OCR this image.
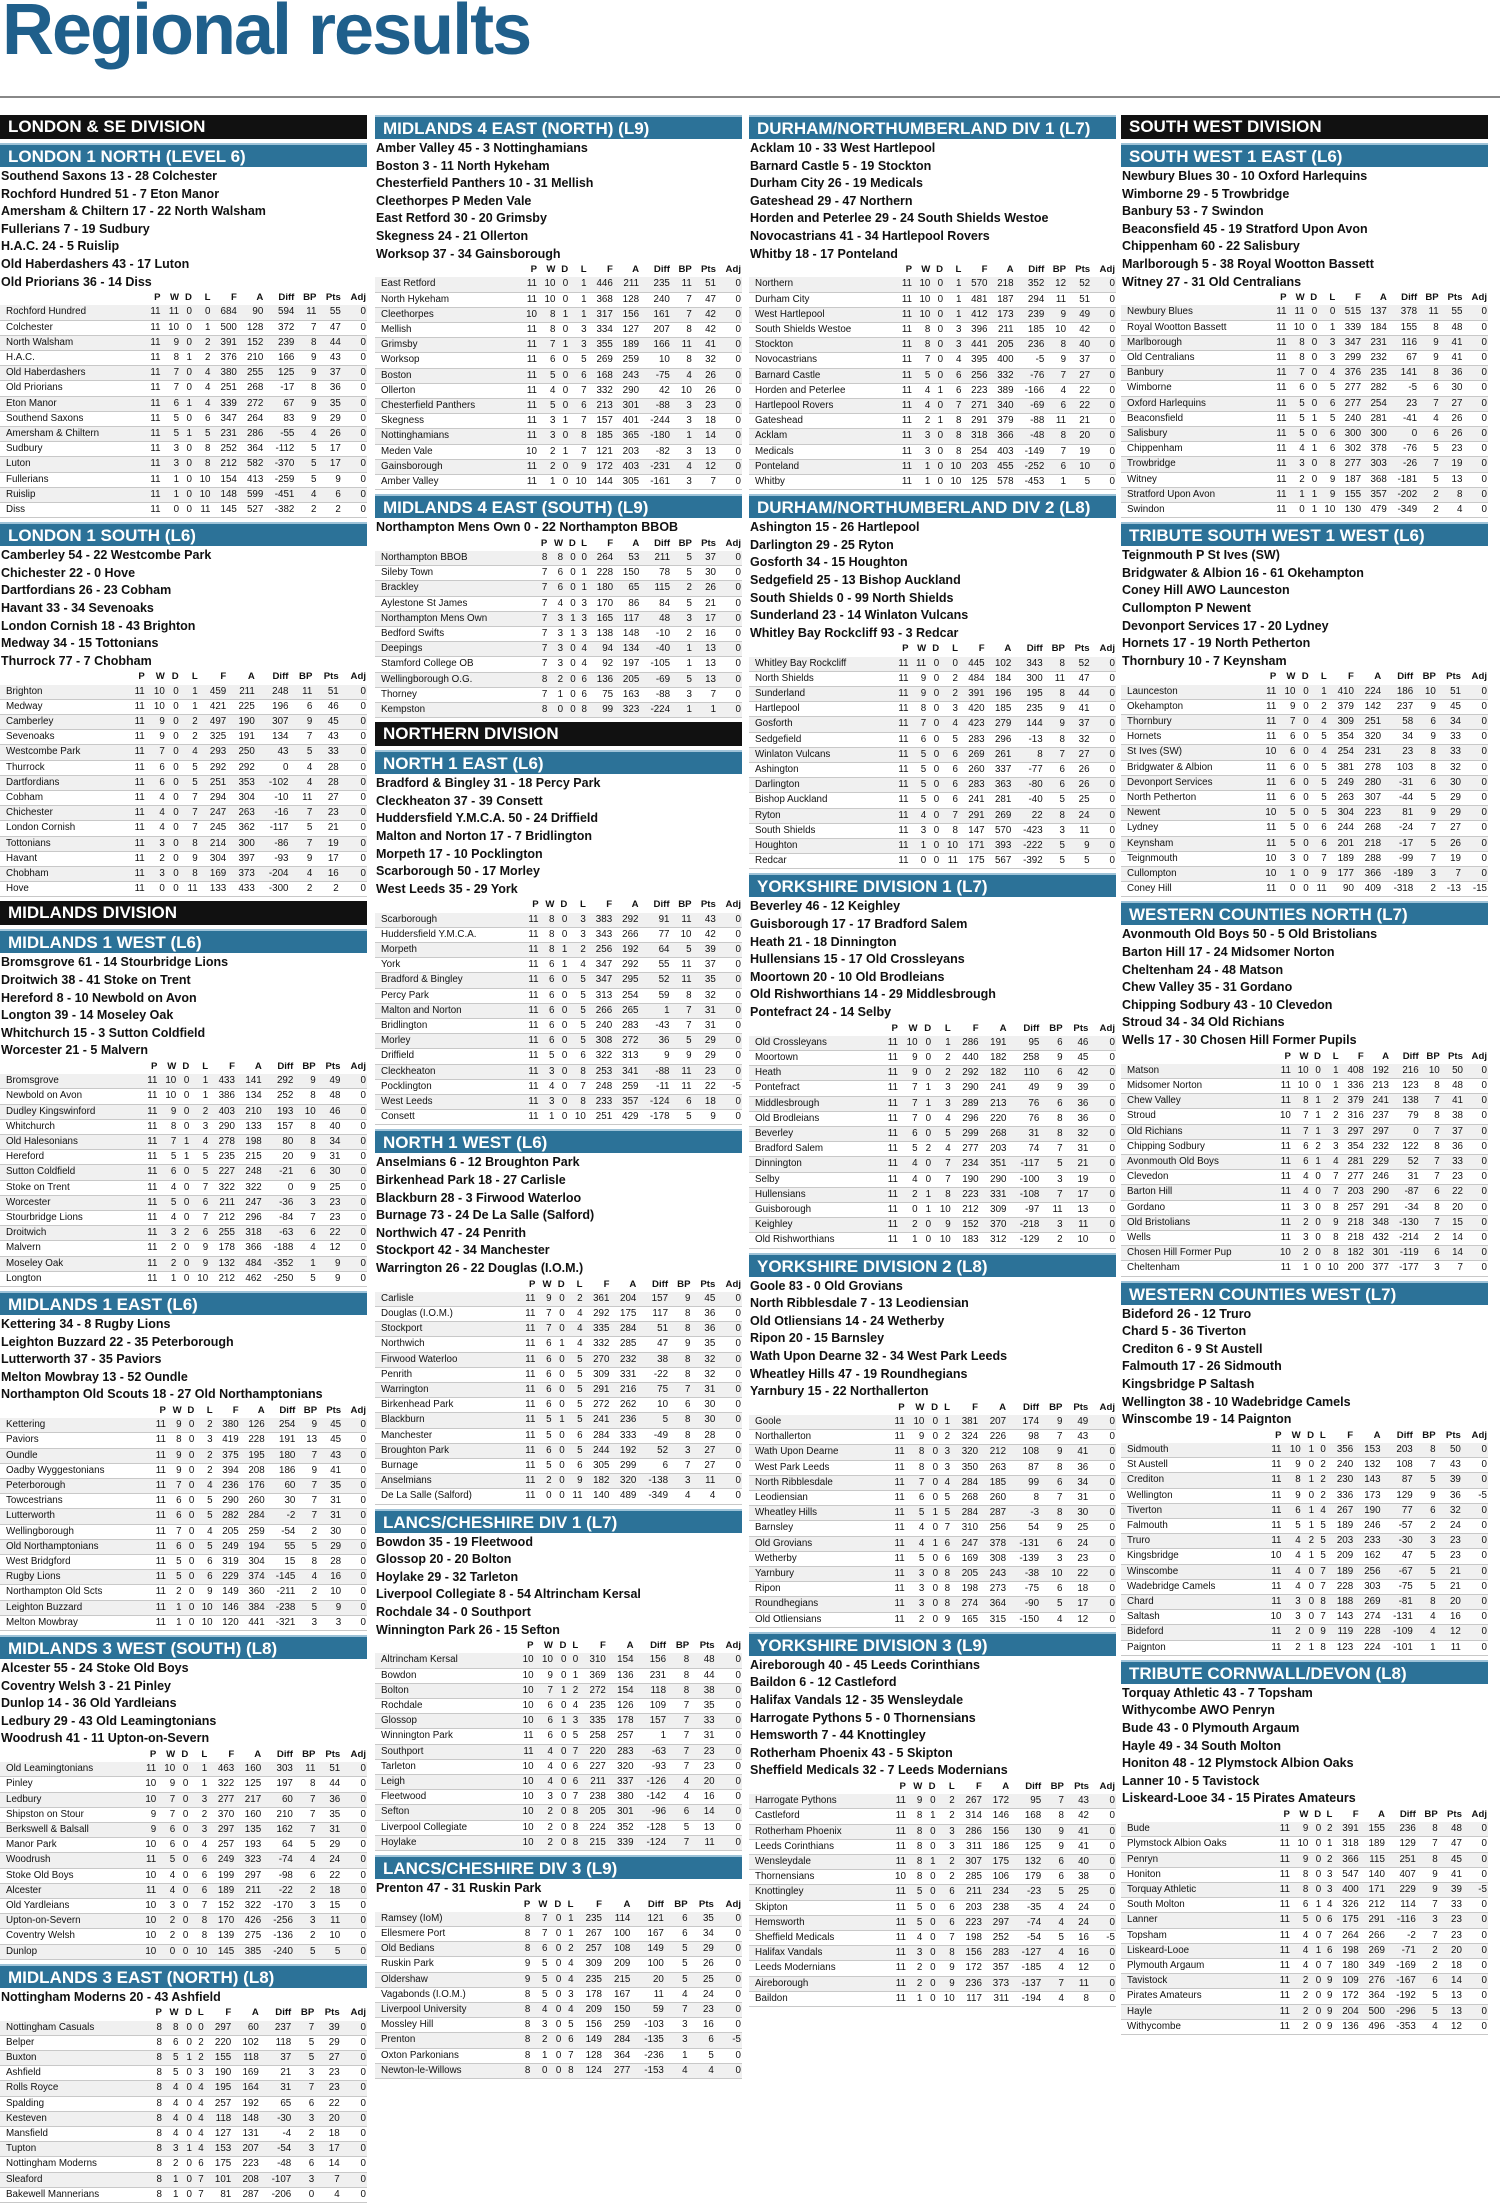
Regional results
LONDON & SE DIVISION
LONDON 1 NORTH (LEVEL 6)
Southend Saxons 13 - 28 Colchester
Rochford Hundred 51 - 7 Eton Manor
Amersham & Chiltern 17 - 22 North Walsham
Fullerians 7 - 19 Sudbury
H.A.C. 24 - 5 Ruislip
Old Haberdashers 43 - 17 Luton
Old Priorians 36 - 14 Diss
	P	W	D	L	F	A	Diff	BP	Pts	Adj
Rochford Hundred	11	11	0	0	684	90	594	11	55	0
Colchester	11	10	0	1	500	128	372	7	47	0
North Walsham	11	9	0	2	391	152	239	8	44	0
H.A.C.	11	8	1	2	376	210	166	9	43	0
Old Haberdashers	11	7	0	4	380	255	125	9	37	0
Old Priorians	11	7	0	4	251	268	-17	8	36	0
Eton Manor	11	6	1	4	339	272	67	9	35	0
Southend Saxons	11	5	0	6	347	264	83	9	29	0
Amersham & Chiltern	11	5	1	5	231	286	-55	4	26	0
Sudbury	11	3	0	8	252	364	-112	5	17	0
Luton	11	3	0	8	212	582	-370	5	17	0
Fullerians	11	1	0	10	154	413	-259	5	9	0
Ruislip	11	1	0	10	148	599	-451	4	6	0
Diss	11	0	0	11	145	527	-382	2	2	0
LONDON 1 SOUTH (L6)
Camberley 54 - 22 Westcombe Park
Chichester 22 - 0 Hove
Dartfordians 26 - 23 Cobham
Havant 33 - 34 Sevenoaks
London Cornish 18 - 43 Brighton
Medway 34 - 15 Tottonians
Thurrock 77 - 7 Chobham
	P	W	D	L	F	A	Diff	BP	Pts	Adj
Brighton	11	10	0	1	459	211	248	11	51	0
Medway	11	10	0	1	421	225	196	6	46	0
Camberley	11	9	0	2	497	190	307	9	45	0
Sevenoaks	11	9	0	2	325	191	134	7	43	0
Westcombe Park	11	7	0	4	293	250	43	5	33	0
Thurrock	11	6	0	5	292	292	0	4	28	0
Dartfordians	11	6	0	5	251	353	-102	4	28	0
Cobham	11	4	0	7	294	304	-10	11	27	0
Chichester	11	4	0	7	247	263	-16	7	23	0
London Cornish	11	4	0	7	245	362	-117	5	21	0
Tottonians	11	3	0	8	214	300	-86	7	19	0
Havant	11	2	0	9	304	397	-93	9	17	0
Chobham	11	3	0	8	169	373	-204	4	16	0
Hove	11	0	0	11	133	433	-300	2	2	0
MIDLANDS DIVISION
MIDLANDS 1 WEST (L6)
Bromsgrove 61 - 14 Stourbridge Lions
Droitwich 38 - 41 Stoke on Trent
Hereford 8 - 10 Newbold on Avon
Longton 39 - 14 Moseley Oak
Whitchurch 15 - 3 Sutton Coldfield
Worcester 21 - 5 Malvern
	P	W	D	L	F	A	Diff	BP	Pts	Adj
Bromsgrove	11	10	0	1	433	141	292	9	49	0
Newbold on Avon	11	10	0	1	386	134	252	8	48	0
Dudley Kingswinford	11	9	0	2	403	210	193	10	46	0
Whitchurch	11	8	0	3	290	133	157	8	40	0
Old Halesonians	11	7	1	4	278	198	80	8	34	0
Hereford	11	5	1	5	235	215	20	9	31	0
Sutton Coldfield	11	6	0	5	227	248	-21	6	30	0
Stoke on Trent	11	4	0	7	322	322	0	9	25	0
Worcester	11	5	0	6	211	247	-36	3	23	0
Stourbridge Lions	11	4	0	7	212	296	-84	7	23	0
Droitwich	11	3	2	6	255	318	-63	6	22	0
Malvern	11	2	0	9	178	366	-188	4	12	0
Moseley Oak	11	2	0	9	132	484	-352	1	9	0
Longton	11	1	0	10	212	462	-250	5	9	0
MIDLANDS 1 EAST (L6)
Kettering 34 - 8 Rugby Lions
Leighton Buzzard 22 - 35 Peterborough
Lutterworth 37 - 35 Paviors
Melton Mowbray 13 - 52 Oundle
Northampton Old Scouts 18 - 27 Old Northamptonians
	P	W	D	L	F	A	Diff	BP	Pts	Adj
Kettering	11	9	0	2	380	126	254	9	45	0
Paviors	11	8	0	3	419	228	191	13	45	0
Oundle	11	9	0	2	375	195	180	7	43	0
Oadby Wyggestonians	11	9	0	2	394	208	186	9	41	0
Peterborough	11	7	0	4	236	176	60	7	35	0
Towcestrians	11	6	0	5	290	260	30	7	31	0
Lutterworth	11	6	0	5	282	284	-2	7	31	0
Wellingborough	11	7	0	4	205	259	-54	2	30	0
Old Northamptonians	11	6	0	5	249	194	55	5	29	0
West Bridgford	11	5	0	6	319	304	15	8	28	0
Rugby Lions	11	5	0	6	229	374	-145	4	16	0
Northampton Old Scts	11	2	0	9	149	360	-211	2	10	0
Leighton Buzzard	11	1	0	10	146	384	-238	5	9	0
Melton Mowbray	11	1	0	10	120	441	-321	3	3	0
MIDLANDS 3 WEST (SOUTH) (L8)
Alcester 55 - 24 Stoke Old Boys
Coventry Welsh 3 - 21 Pinley
Dunlop 14 - 36 Old Yardleians
Ledbury 29 - 43 Old Leamingtonians
Woodrush 41 - 11 Upton-on-Severn
	P	W	D	L	F	A	Diff	BP	Pts	Adj
Old Leamingtonians	11	10	0	1	463	160	303	11	51	0
Pinley	10	9	0	1	322	125	197	8	44	0
Ledbury	10	7	0	3	277	217	60	7	36	0
Shipston on Stour	9	7	0	2	370	160	210	7	35	0
Berkswell & Balsall	9	6	0	3	297	135	162	7	31	0
Manor Park	10	6	0	4	257	193	64	5	29	0
Woodrush	11	5	0	6	249	323	-74	4	24	0
Stoke Old Boys	10	4	0	6	199	297	-98	6	22	0
Alcester	11	4	0	6	189	211	-22	2	18	0
Old Yardleians	10	3	0	7	152	322	-170	3	15	0
Upton-on-Severn	10	2	0	8	170	426	-256	3	11	0
Coventry Welsh	10	2	0	8	139	275	-136	2	10	0
Dunlop	10	0	0	10	145	385	-240	5	5	0
MIDLANDS 3 EAST (NORTH) (L8)
Nottingham Moderns 20 - 43 Ashfield
	P	W	D	L	F	A	Diff	BP	Pts	Adj
Nottingham Casuals	8	8	0	0	297	60	237	7	39	0
Belper	8	6	0	2	220	102	118	5	29	0
Buxton	8	5	1	2	155	118	37	5	27	0
Ashfield	8	5	0	3	190	169	21	3	23	0
Rolls Royce	8	4	0	4	195	164	31	7	23	0
Spalding	8	4	0	4	257	192	65	6	22	0
Kesteven	8	4	0	4	118	148	-30	3	20	0
Mansfield	8	4	0	4	127	131	-4	2	18	0
Tupton	8	3	1	4	153	207	-54	3	17	0
Nottingham Moderns	8	2	0	6	175	223	-48	6	14	0
Sleaford	8	1	0	7	101	208	-107	3	7	0
Bakewell Mannerians	8	1	0	7	81	287	-206	0	4	0
MIDLANDS 4 EAST (NORTH) (L9)
Amber Valley 45 - 3 Nottinghamians
Boston 3 - 11 North Hykeham
Chesterfield Panthers 10 - 31 Mellish
Cleethorpes P Meden Vale
East Retford 30 - 20 Grimsby
Skegness 24 - 21 Ollerton
Worksop 37 - 34 Gainsborough
	P	W	D	L	F	A	Diff	BP	Pts	Adj
East Retford	11	10	0	1	446	211	235	11	51	0
North Hykeham	11	10	0	1	368	128	240	7	47	0
Cleethorpes	10	8	1	1	317	156	161	7	42	0
Mellish	11	8	0	3	334	127	207	8	42	0
Grimsby	11	7	1	3	355	189	166	11	41	0
Worksop	11	6	0	5	269	259	10	8	32	0
Boston	11	5	0	6	168	243	-75	4	26	0
Ollerton	11	4	0	7	332	290	42	10	26	0
Chesterfield Panthers	11	5	0	6	213	301	-88	3	23	0
Skegness	11	3	1	7	157	401	-244	3	18	0
Nottinghamians	11	3	0	8	185	365	-180	1	14	0
Meden Vale	10	2	1	7	121	203	-82	3	13	0
Gainsborough	11	2	0	9	172	403	-231	4	12	0
Amber Valley	11	1	0	10	144	305	-161	3	7	0
MIDLANDS 4 EAST (SOUTH) (L9)
Northampton Mens Own 0 - 22 Northampton BBOB
	P	W	D	L	F	A	Diff	BP	Pts	Adj
Northampton BBOB	8	8	0	0	264	53	211	5	37	0
Sileby Town	7	6	0	1	228	150	78	5	30	0
Brackley	7	6	0	1	180	65	115	2	26	0
Aylestone St James	7	4	0	3	170	86	84	5	21	0
Northampton Mens Own	7	3	1	3	165	117	48	3	17	0
Bedford Swifts	7	3	1	3	138	148	-10	2	16	0
Deepings	7	3	0	4	94	134	-40	1	13	0
Stamford College OB	7	3	0	4	92	197	-105	1	13	0
Wellingborough O.G.	8	2	0	6	136	205	-69	5	13	0
Thorney	7	1	0	6	75	163	-88	3	7	0
Kempston	8	0	0	8	99	323	-224	1	1	0
NORTHERN DIVISION
NORTH 1 EAST (L6)
Bradford & Bingley 31 - 18 Percy Park
Cleckheaton 37 - 39 Consett
Huddersfield Y.M.C.A. 50 - 24 Driffield
Malton and Norton 17 - 7 Bridlington
Morpeth 17 - 10 Pocklington
Scarborough 50 - 17 Morley
West Leeds 35 - 29 York
	P	W	D	L	F	A	Diff	BP	Pts	Adj
Scarborough	11	8	0	3	383	292	91	11	43	0
Huddersfield Y.M.C.A.	11	8	0	3	343	266	77	10	42	0
Morpeth	11	8	1	2	256	192	64	5	39	0
York	11	6	1	4	347	292	55	11	37	0
Bradford & Bingley	11	6	0	5	347	295	52	11	35	0
Percy Park	11	6	0	5	313	254	59	8	32	0
Malton and Norton	11	6	0	5	266	265	1	7	31	0
Bridlington	11	6	0	5	240	283	-43	7	31	0
Morley	11	6	0	5	308	272	36	5	29	0
Driffield	11	5	0	6	322	313	9	9	29	0
Cleckheaton	11	3	0	8	253	341	-88	11	23	0
Pocklington	11	4	0	7	248	259	-11	11	22	-5
West Leeds	11	3	0	8	233	357	-124	6	18	0
Consett	11	1	0	10	251	429	-178	5	9	0
NORTH 1 WEST (L6)
Anselmians 6 - 12 Broughton Park
Birkenhead Park 18 - 27 Carlisle
Blackburn 28 - 3 Firwood Waterloo
Burnage 73 - 24 De La Salle (Salford)
Northwich 47 - 24 Penrith
Stockport 42 - 34 Manchester
Warrington 26 - 22 Douglas (I.O.M.)
	P	W	D	L	F	A	Diff	BP	Pts	Adj
Carlisle	11	9	0	2	361	204	157	9	45	0
Douglas (I.O.M.)	11	7	0	4	292	175	117	8	36	0
Stockport	11	7	0	4	335	284	51	8	36	0
Northwich	11	6	1	4	332	285	47	9	35	0
Firwood Waterloo	11	6	0	5	270	232	38	8	32	0
Penrith	11	6	0	5	309	331	-22	8	32	0
Warrington	11	6	0	5	291	216	75	7	31	0
Birkenhead Park	11	6	0	5	272	262	10	6	30	0
Blackburn	11	5	1	5	241	236	5	8	30	0
Manchester	11	5	0	6	284	333	-49	8	28	0
Broughton Park	11	6	0	5	244	192	52	3	27	0
Burnage	11	5	0	6	305	299	6	7	27	0
Anselmians	11	2	0	9	182	320	-138	3	11	0
De La Salle (Salford)	11	0	0	11	140	489	-349	4	4	0
LANCS/CHESHIRE DIV 1 (L7)
Bowdon 35 - 19 Fleetwood
Glossop 20 - 20 Bolton
Hoylake 29 - 32 Tarleton
Liverpool Collegiate 8 - 54 Altrincham Kersal
Rochdale 34 - 0 Southport
Winnington Park 26 - 15 Sefton
	P	W	D	L	F	A	Diff	BP	Pts	Adj
Altrincham Kersal	10	10	0	0	310	154	156	8	48	0
Bowdon	10	9	0	1	369	136	231	8	44	0
Bolton	10	7	1	2	272	154	118	8	38	0
Rochdale	10	6	0	4	235	126	109	7	35	0
Glossop	10	6	1	3	335	178	157	7	33	0
Winnington Park	11	6	0	5	258	257	1	7	31	0
Southport	11	4	0	7	220	283	-63	7	23	0
Tarleton	10	4	0	6	227	320	-93	7	23	0
Leigh	10	4	0	6	211	337	-126	4	20	0
Fleetwood	10	3	0	7	238	380	-142	4	16	0
Sefton	10	2	0	8	205	301	-96	6	14	0
Liverpool Collegiate	10	2	0	8	224	352	-128	5	13	0
Hoylake	10	2	0	8	215	339	-124	7	11	0
LANCS/CHESHIRE DIV 3 (L9)
Prenton 47 - 31 Ruskin Park
	P	W	D	L	F	A	Diff	BP	Pts	Adj
Ramsey (IoM)	8	7	0	1	235	114	121	6	35	0
Ellesmere Port	8	7	0	1	267	100	167	6	34	0
Old Bedians	8	6	0	2	257	108	149	5	29	0
Ruskin Park	9	5	0	4	309	209	100	5	26	0
Oldershaw	9	5	0	4	235	215	20	5	25	0
Vagabonds (I.O.M.)	8	5	0	3	178	167	11	4	24	0
Liverpool University	8	4	0	4	209	150	59	7	23	0
Mossley Hill	8	3	0	5	156	259	-103	3	16	0
Prenton	8	2	0	6	149	284	-135	3	6	-5
Oxton Parkonians	8	1	0	7	128	364	-236	1	5	0
Newton-le-Willows	8	0	0	8	124	277	-153	4	4	0
DURHAM/NORTHUMBERLAND DIV 1 (L7)
Acklam 10 - 33 West Hartlepool
Barnard Castle 5 - 19 Stockton
Durham City 26 - 19 Medicals
Gateshead 29 - 47 Northern
Horden and Peterlee 29 - 24 South Shields Westoe
Novocastrians 41 - 34 Hartlepool Rovers
Whitby 18 - 17 Ponteland
	P	W	D	L	F	A	Diff	BP	Pts	Adj
Northern	11	10	0	1	570	218	352	12	52	0
Durham City	11	10	0	1	481	187	294	11	51	0
West Hartlepool	11	10	0	1	412	173	239	9	49	0
South Shields Westoe	11	8	0	3	396	211	185	10	42	0
Stockton	11	8	0	3	441	205	236	8	40	0
Novocastrians	11	7	0	4	395	400	-5	9	37	0
Barnard Castle	11	5	0	6	256	332	-76	7	27	0
Horden and Peterlee	11	4	1	6	223	389	-166	4	22	0
Hartlepool Rovers	11	4	0	7	271	340	-69	6	22	0
Gateshead	11	2	1	8	291	379	-88	11	21	0
Acklam	11	3	0	8	318	366	-48	8	20	0
Medicals	11	3	0	8	254	403	-149	7	19	0
Ponteland	11	1	0	10	203	455	-252	6	10	0
Whitby	11	1	0	10	125	578	-453	1	5	0
DURHAM/NORTHUMBERLAND DIV 2 (L8)
Ashington 15 - 26 Hartlepool
Darlington 29 - 25 Ryton
Gosforth 34 - 15 Houghton
Sedgefield 25 - 13 Bishop Auckland
South Shields 0 - 99 North Shields
Sunderland 23 - 14 Winlaton Vulcans
Whitley Bay Rockcliff 93 - 3 Redcar
	P	W	D	L	F	A	Diff	BP	Pts	Adj
Whitley Bay Rockcliff	11	11	0	0	445	102	343	8	52	0
North Shields	11	9	0	2	484	184	300	11	47	0
Sunderland	11	9	0	2	391	196	195	8	44	0
Hartlepool	11	8	0	3	420	185	235	9	41	0
Gosforth	11	7	0	4	423	279	144	9	37	0
Sedgefield	11	6	0	5	283	296	-13	8	32	0
Winlaton Vulcans	11	5	0	6	269	261	8	7	27	0
Ashington	11	5	0	6	260	337	-77	6	26	0
Darlington	11	5	0	6	283	363	-80	6	26	0
Bishop Auckland	11	5	0	6	241	281	-40	5	25	0
Ryton	11	4	0	7	291	269	22	8	24	0
South Shields	11	3	0	8	147	570	-423	3	11	0
Houghton	11	1	0	10	171	393	-222	5	9	0
Redcar	11	0	0	11	175	567	-392	5	5	0
YORKSHIRE DIVISION 1 (L7)
Beverley 46 - 12 Keighley
Guisborough 17 - 17 Bradford Salem
Heath 21 - 18 Dinnington
Hullensians 15 - 17 Old Crossleyans
Moortown 20 - 10 Old Brodleians
Old Rishworthians 14 - 29 Middlesbrough
Pontefract 24 - 14 Selby
	P	W	D	L	F	A	Diff	BP	Pts	Adj
Old Crossleyans	11	10	0	1	286	191	95	6	46	0
Moortown	11	9	0	2	440	182	258	9	45	0
Heath	11	9	0	2	292	182	110	6	42	0
Pontefract	11	7	1	3	290	241	49	9	39	0
Middlesbrough	11	7	1	3	289	213	76	6	36	0
Old Brodleians	11	7	0	4	296	220	76	8	36	0
Beverley	11	6	0	5	299	268	31	8	32	0
Bradford Salem	11	5	2	4	277	203	74	7	31	0
Dinnington	11	4	0	7	234	351	-117	5	21	0
Selby	11	4	0	7	190	290	-100	3	19	0
Hullensians	11	2	1	8	223	331	-108	7	17	0
Guisborough	11	0	1	10	212	309	-97	11	13	0
Keighley	11	2	0	9	152	370	-218	3	11	0
Old Rishworthians	11	1	0	10	183	312	-129	2	10	0
YORKSHIRE DIVISION 2 (L8)
Goole 83 - 0 Old Grovians
North Ribblesdale 7 - 13 Leodiensian
Old Otliensians 14 - 24 Wetherby
Ripon 20 - 15 Barnsley
Wath Upon Dearne 32 - 34 West Park Leeds
Wheatley Hills 47 - 19 Roundhegians
Yarnbury 15 - 22 Northallerton
	P	W	D	L	F	A	Diff	BP	Pts	Adj
Goole	11	10	0	1	381	207	174	9	49	0
Northallerton	11	9	0	2	324	226	98	7	43	0
Wath Upon Dearne	11	8	0	3	320	212	108	9	41	0
West Park Leeds	11	8	0	3	350	263	87	8	36	0
North Ribblesdale	11	7	0	4	284	185	99	6	34	0
Leodiensian	11	6	0	5	268	260	8	7	31	0
Wheatley Hills	11	5	1	5	284	287	-3	8	30	0
Barnsley	11	4	0	7	310	256	54	9	25	0
Old Grovians	11	4	1	6	247	378	-131	6	24	0
Wetherby	11	5	0	6	169	308	-139	3	23	0
Yarnbury	11	3	0	8	205	243	-38	10	22	0
Ripon	11	3	0	8	198	273	-75	6	18	0
Roundhegians	11	3	0	8	274	364	-90	5	17	0
Old Otliensians	11	2	0	9	165	315	-150	4	12	0
YORKSHIRE DIVISION 3 (L9)
Aireborough 40 - 45 Leeds Corinthians
Baildon 6 - 12 Castleford
Halifax Vandals 12 - 35 Wensleydale
Harrogate Pythons 5 - 0 Thornensians
Hemsworth 7 - 44 Knottingley
Rotherham Phoenix 43 - 5 Skipton
Sheffield Medicals 32 - 7 Leeds Modernians
	P	W	D	L	F	A	Diff	BP	Pts	Adj
Harrogate Pythons	11	9	0	2	267	172	95	7	43	0
Castleford	11	8	1	2	314	146	168	8	42	0
Rotherham Phoenix	11	8	0	3	286	156	130	9	41	0
Leeds Corinthians	11	8	0	3	311	186	125	9	41	0
Wensleydale	11	8	1	2	307	175	132	6	40	0
Thornensians	10	8	0	2	285	106	179	6	38	0
Knottingley	11	5	0	6	211	234	-23	5	25	0
Skipton	11	5	0	6	203	238	-35	4	24	0
Hemsworth	11	5	0	6	223	297	-74	4	24	0
Sheffield Medicals	11	4	0	7	198	252	-54	5	16	-5
Halifax Vandals	11	3	0	8	156	283	-127	4	16	0
Leeds Modernians	11	2	0	9	172	357	-185	4	12	0
Aireborough	11	2	0	9	236	373	-137	7	11	0
Baildon	11	1	0	10	117	311	-194	4	8	0
SOUTH WEST DIVISION
SOUTH WEST 1 EAST (L6)
Newbury Blues 30 - 10 Oxford Harlequins
Wimborne 29 - 5 Trowbridge
Banbury 53 - 7 Swindon
Beaconsfield 45 - 19 Stratford Upon Avon
Chippenham 60 - 22 Salisbury
Marlborough 5 - 38 Royal Wootton Bassett
Witney 27 - 31 Old Centralians
	P	W	D	L	F	A	Diff	BP	Pts	Adj
Newbury Blues	11	11	0	0	515	137	378	11	55	0
Royal Wootton Bassett	11	10	0	1	339	184	155	8	48	0
Marlborough	11	8	0	3	347	231	116	9	41	0
Old Centralians	11	8	0	3	299	232	67	9	41	0
Banbury	11	7	0	4	376	235	141	8	36	0
Wimborne	11	6	0	5	277	282	-5	6	30	0
Oxford Harlequins	11	5	0	6	277	254	23	7	27	0
Beaconsfield	11	5	1	5	240	281	-41	4	26	0
Salisbury	11	5	0	6	300	300	0	6	26	0
Chippenham	11	4	1	6	302	378	-76	5	23	0
Trowbridge	11	3	0	8	277	303	-26	7	19	0
Witney	11	2	0	9	187	368	-181	5	13	0
Stratford Upon Avon	11	1	1	9	155	357	-202	2	8	0
Swindon	11	0	1	10	130	479	-349	2	4	0
TRIBUTE SOUTH WEST 1 WEST (L6)
Teignmouth P St Ives (SW)
Bridgwater & Albion 16 - 61 Okehampton
Coney Hill AWO Launceston
Cullompton P Newent
Devonport Services 17 - 20 Lydney
Hornets 17 - 19 North Petherton
Thornbury 10 - 7 Keynsham
	P	W	D	L	F	A	Diff	BP	Pts	Adj
Launceston	11	10	0	1	410	224	186	10	51	0
Okehampton	11	9	0	2	379	142	237	9	45	0
Thornbury	11	7	0	4	309	251	58	6	34	0
Hornets	11	6	0	5	354	320	34	9	33	0
St Ives (SW)	10	6	0	4	254	231	23	8	33	0
Bridgwater & Albion	11	6	0	5	381	278	103	8	32	0
Devonport Services	11	6	0	5	249	280	-31	6	30	0
North Petherton	11	6	0	5	263	307	-44	5	29	0
Newent	10	5	0	5	304	223	81	9	29	0
Lydney	11	5	0	6	244	268	-24	7	27	0
Keynsham	11	5	0	6	201	218	-17	5	26	0
Teignmouth	10	3	0	7	189	288	-99	7	19	0
Cullompton	10	1	0	9	177	366	-189	3	7	0
Coney Hill	11	0	0	11	90	409	-318	2	-13	-15
WESTERN COUNTIES NORTH (L7)
Avonmouth Old Boys 50 - 5 Old Bristolians
Barton Hill 17 - 24 Midsomer Norton
Cheltenham 24 - 48 Matson
Chew Valley 35 - 31 Gordano
Chipping Sodbury 43 - 10 Clevedon
Stroud 34 - 34 Old Richians
Wells 17 - 30 Chosen Hill Former Pupils
	P	W	D	L	F	A	Diff	BP	Pts	Adj
Matson	11	10	0	1	408	192	216	10	50	0
Midsomer Norton	11	10	0	1	336	213	123	8	48	0
Chew Valley	11	8	1	2	379	241	138	7	41	0
Stroud	10	7	1	2	316	237	79	8	38	0
Old Richians	11	7	1	3	297	297	0	7	37	0
Chipping Sodbury	11	6	2	3	354	232	122	8	36	0
Avonmouth Old Boys	11	6	1	4	281	229	52	7	33	0
Clevedon	11	4	0	7	277	246	31	7	23	0
Barton Hill	11	4	0	7	203	290	-87	6	22	0
Gordano	11	3	0	8	257	291	-34	8	20	0
Old Bristolians	11	2	0	9	218	348	-130	7	15	0
Wells	11	3	0	8	218	432	-214	2	14	0
Chosen Hill Former Pup	10	2	0	8	182	301	-119	6	14	0
Cheltenham	11	1	0	10	200	377	-177	3	7	0
WESTERN COUNTIES WEST (L7)
Bideford 26 - 12 Truro
Chard 5 - 36 Tiverton
Crediton 6 - 9 St Austell
Falmouth 17 - 26 Sidmouth
Kingsbridge P Saltash
Wellington 38 - 10 Wadebridge Camels
Winscombe 19 - 14 Paignton
	P	W	D	L	F	A	Diff	BP	Pts	Adj
Sidmouth	11	10	1	0	356	153	203	8	50	0
St Austell	11	9	0	2	240	132	108	7	43	0
Crediton	11	8	1	2	230	143	87	5	39	0
Wellington	11	9	0	2	336	173	129	9	36	-5
Tiverton	11	6	1	4	267	190	77	6	32	0
Falmouth	11	5	1	5	189	246	-57	2	24	0
Truro	11	4	2	5	203	233	-30	3	23	0
Kingsbridge	10	4	1	5	209	162	47	5	23	0
Winscombe	11	4	0	7	189	256	-67	5	21	0
Wadebridge Camels	11	4	0	7	228	303	-75	5	21	0
Chard	11	3	0	8	188	269	-81	8	20	0
Saltash	10	3	0	7	143	274	-131	4	16	0
Bideford	11	2	0	9	119	228	-109	4	12	0
Paignton	11	2	1	8	123	224	-101	1	11	0
TRIBUTE CORNWALL/DEVON (L8)
Torquay Athletic 43 - 7 Topsham
Withycombe AWO Penryn
Bude 43 - 0 Plymouth Argaum
Hayle 49 - 34 South Molton
Honiton 48 - 12 Plymstock Albion Oaks
Lanner 10 - 5 Tavistock
Liskeard-Looe 34 - 15 Pirates Amateurs
	P	W	D	L	F	A	Diff	BP	Pts	Adj
Bude	11	9	0	2	391	155	236	8	48	0
Plymstock Albion Oaks	11	10	0	1	318	189	129	7	47	0
Penryn	11	9	0	2	366	115	251	8	45	0
Honiton	11	8	0	3	547	140	407	9	41	0
Torquay Athletic	11	8	0	3	400	171	229	9	39	-5
South Molton	11	6	1	4	326	212	114	7	33	0
Lanner	11	5	0	6	175	291	-116	3	23	0
Topsham	11	4	0	7	264	266	-2	7	23	0
Liskeard-Looe	11	4	1	6	198	269	-71	2	20	0
Plymouth Argaum	11	4	0	7	180	349	-169	2	18	0
Tavistock	11	2	0	9	109	276	-167	6	14	0
Pirates Amateurs	11	2	0	9	172	364	-192	5	13	0
Hayle	11	2	0	9	204	500	-296	5	13	0
Withycombe	11	2	0	9	136	496	-353	4	12	0
